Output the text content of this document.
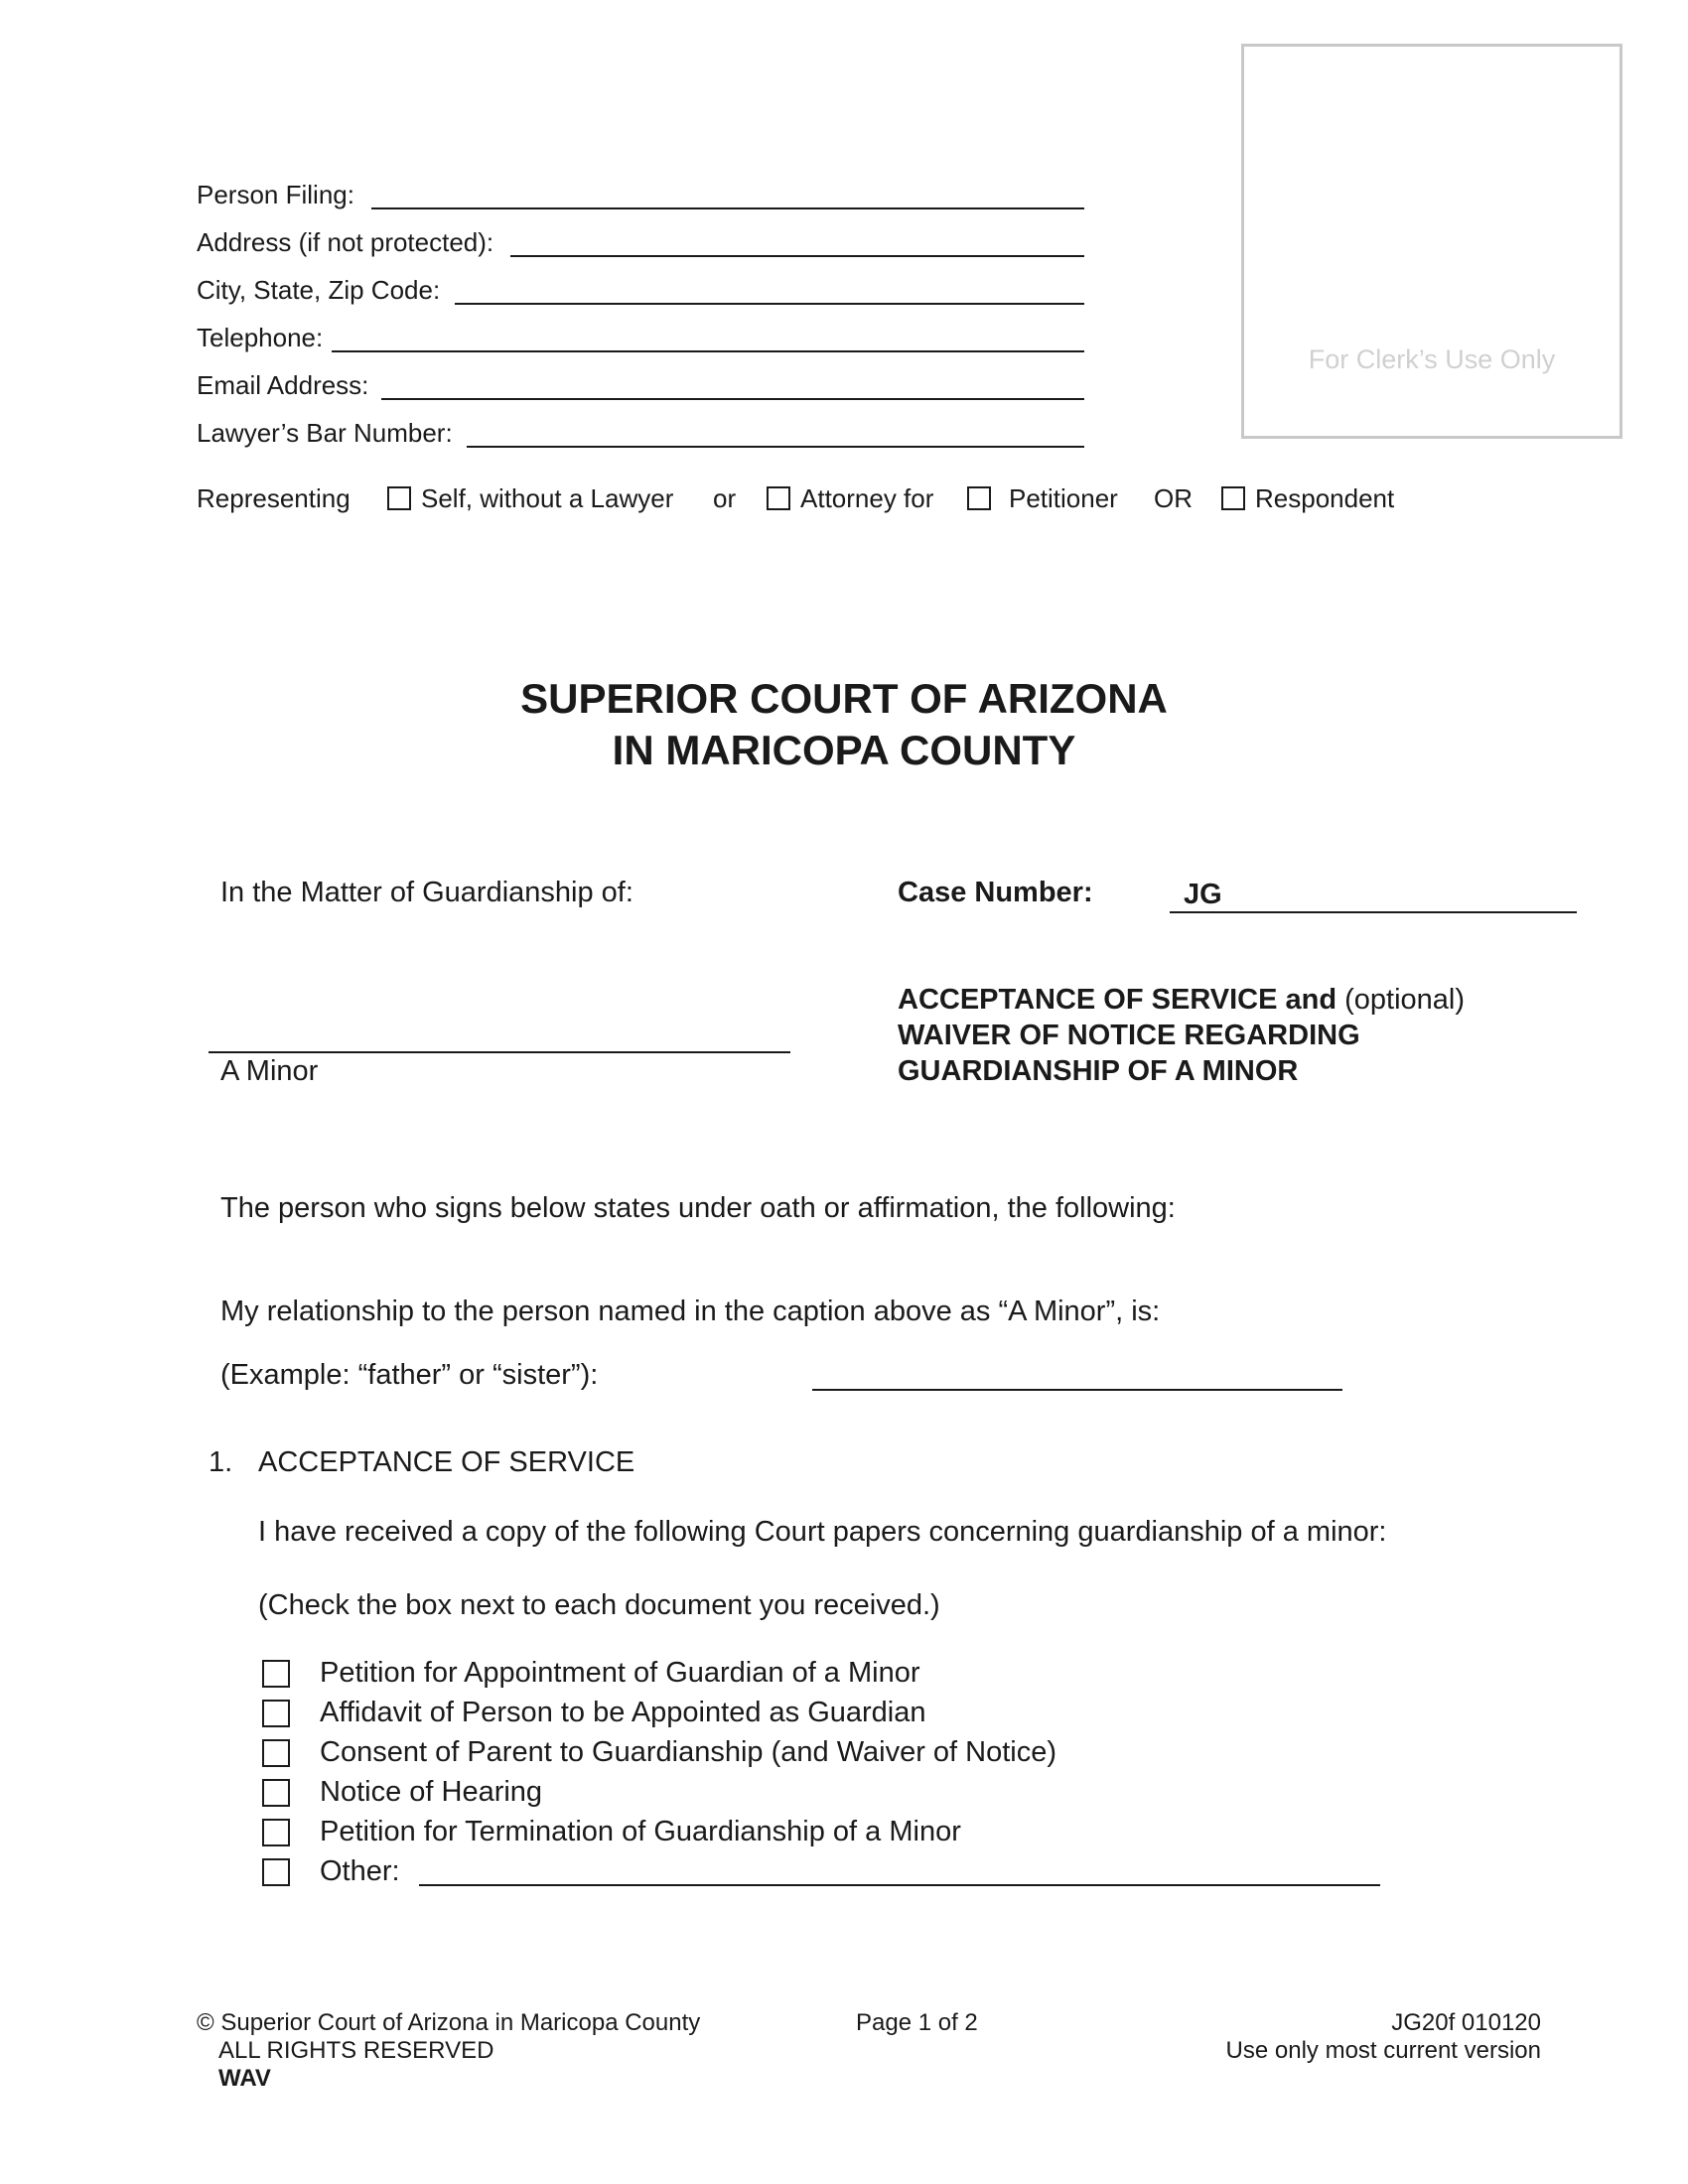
Person Filing:
Address (if not protected):
City, State, Zip Code:
Telephone:
Email Address:
Lawyer’s Bar Number:
Representing	Self, without a Lawyer or Attorney for	Petitioner OR Respondent
For Clerk’s Use Only
SUPERIOR COURT OF ARIZONA
IN MARICOPA COUNTY
In the Matter of Guardianship of:
A Minor
Case Number:	JG
ACCEPTANCE OF SERVICE and (optional)
WAIVER OF NOTICE REGARDING
GUARDIANSHIP OF A MINOR
The person who signs below states under oath or affirmation, the following:
My relationship to the person named in the caption above as “A Minor”, is:
(Example: “father” or “sister”):
1. ACCEPTANCE OF SERVICE
I have received a copy of the following Court papers concerning guardianship of a minor:
(Check the box next to each document you received.)
Petition for Appointment of Guardian of a Minor
Affidavit of Person to be Appointed as Guardian
Consent of Parent to Guardianship (and Waiver of Notice)
Notice of Hearing
Petition for Termination of Guardianship of a Minor
Other:
© Superior Court of Arizona in Maricopa County
ALL RIGHTS RESERVED
WAV
Page 1 of 2	JG20f 010120
Use only most current version
